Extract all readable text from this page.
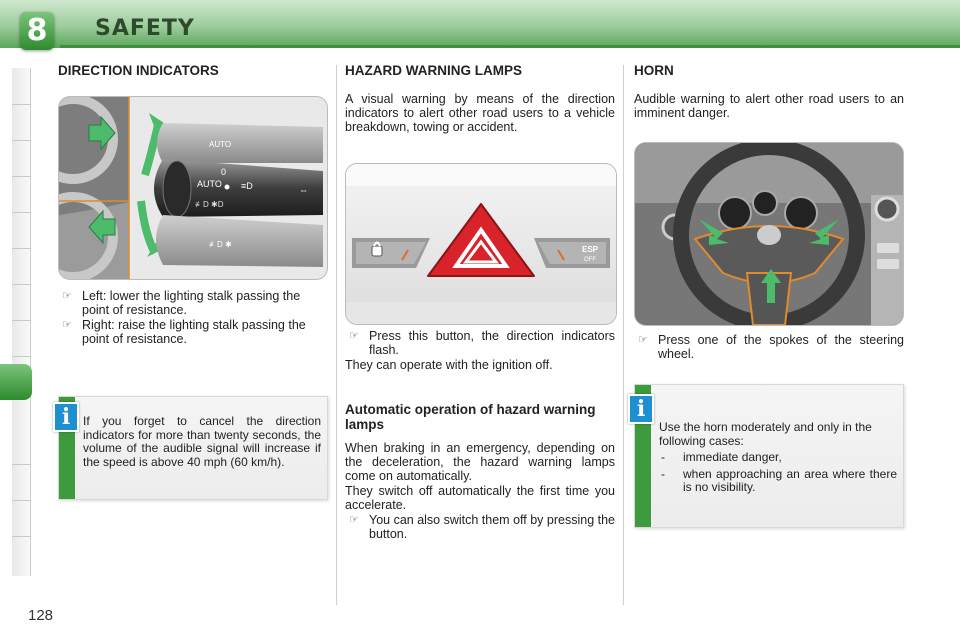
8 SAFETY
DIRECTION INDICATORS
AUTO
AUTO
0
≡D
≢D ✱D
⇔
≢D ✱
☞ Left: lower the lighting stalk passing the point of resistance.
☞ Right: raise the lighting stalk passing the point of resistance.
If you forget to cancel the direction indicators for more than twenty seconds, the volume of the audible signal will increase if the speed is above 40 mph (60 km/h).
i
HAZARD WARNING LAMPS

A visual warning by means of the direction indicators to alert other road users to a vehicle breakdown, towing or accident.

ESP
OFF
☞ Press this button, the direction indicators flash.

They can operate with the ignition off.

Automatic operation of hazard warning lamps

When braking in an emergency, depending on the deceleration, the hazard warning lamps come on automatically.

They switch off automatically the first time you accelerate.

☞ You can also switch them off by pressing the button.
HORN

Audible warning to alert other road users to an imminent danger.

☞ Press one of the spokes of the steering wheel.
Use the horn moderately and only in the following cases:
- immediate danger,
- when approaching an area where there is no visibility.
i
128
